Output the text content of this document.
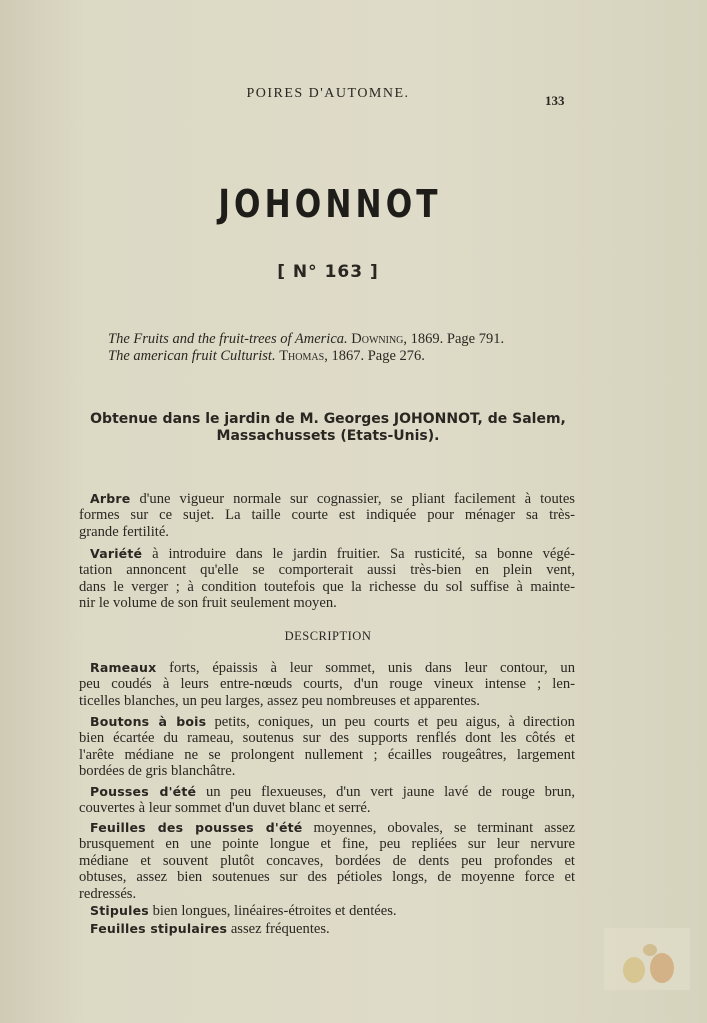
POIRES D'AUTOMNE.	133
JOHONNOT
[ N° 163 ]
The Fruits and the fruit-trees of America. Downing, 1869. Page 791.
The american fruit Culturist. Thomas, 1867. Page 276.
Obtenue dans le jardin de M. Georges JOHONNOT, de Salem,
Massachussets (Etats-Unis).
Arbre d'une vigueur normale sur cognassier, se pliant facilement à toutes
formes sur ce sujet. La taille courte est indiquée pour ménager sa très-
grande fertilité.
Variété à introduire dans le jardin fruitier. Sa rusticité, sa bonne végé-
tation annoncent qu'elle se comporterait aussi très-bien en plein vent,
dans le verger ; à condition toutefois que la richesse du sol suffise à mainte-
nir le volume de son fruit seulement moyen.
DESCRIPTION
Rameaux forts, épaissis à leur sommet, unis dans leur contour, un
peu coudés à leurs entre-nœuds courts, d'un rouge vineux intense ; len-
ticelles blanches, un peu larges, assez peu nombreuses et apparentes.
Boutons à bois petits, coniques, un peu courts et peu aigus, à direction
bien écartée du rameau, soutenus sur des supports renflés dont les côtés et
l'arête médiane ne se prolongent nullement ; écailles rougeâtres, largement
bordées de gris blanchâtre.
Pousses d'été un peu flexueuses, d'un vert jaune lavé de rouge brun,
couvertes à leur sommet d'un duvet blanc et serré.
Feuilles des pousses d'été moyennes, obovales, se terminant assez
brusquement en une pointe longue et fine, peu repliées sur leur nervure
médiane et souvent plutôt concaves, bordées de dents peu profondes et
obtuses, assez bien soutenues sur des pétioles longs, de moyenne force et
redressés.
Stipules bien longues, linéaires-étroites et dentées.
Feuilles stipulaires assez fréquentes.
